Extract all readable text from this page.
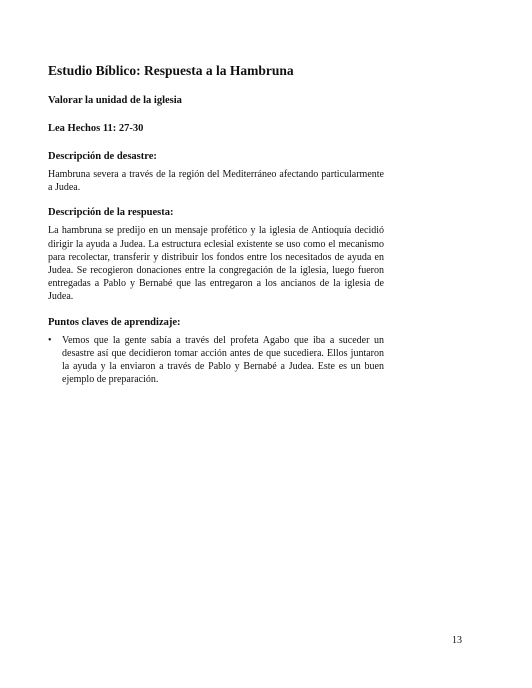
Estudio Bíblico: Respuesta a la Hambruna
Valorar la unidad de la iglesia
Lea Hechos 11: 27-30
Descripción de desastre:

Hambruna severa a través de la región del Mediterráneo afectando particularmente a Judea.

Descripción de la respuesta:

La hambruna se predijo en un mensaje profético y la iglesia de Antioquía decidió dirigir la ayuda a Judea. La estructura eclesial existente se uso como el mecanismo para recolectar, transferir y distribuir los fondos entre los necesitados de ayuda en Judea. Se recogieron donaciones entre la congregación de la iglesia, luego fueron entregadas a Pablo y Bernabé que las entregaron a los ancianos de la iglesia de Judea.

Puntos claves de aprendizaje:
• Vemos que la gente sabía a través del profeta Agabo que iba a suceder un desastre así que decidieron tomar acción antes de que sucediera. Ellos juntaron la ayuda y la enviaron a través de Pablo y Bernabé a Judea. Este es un buen ejemplo de preparación.
13
